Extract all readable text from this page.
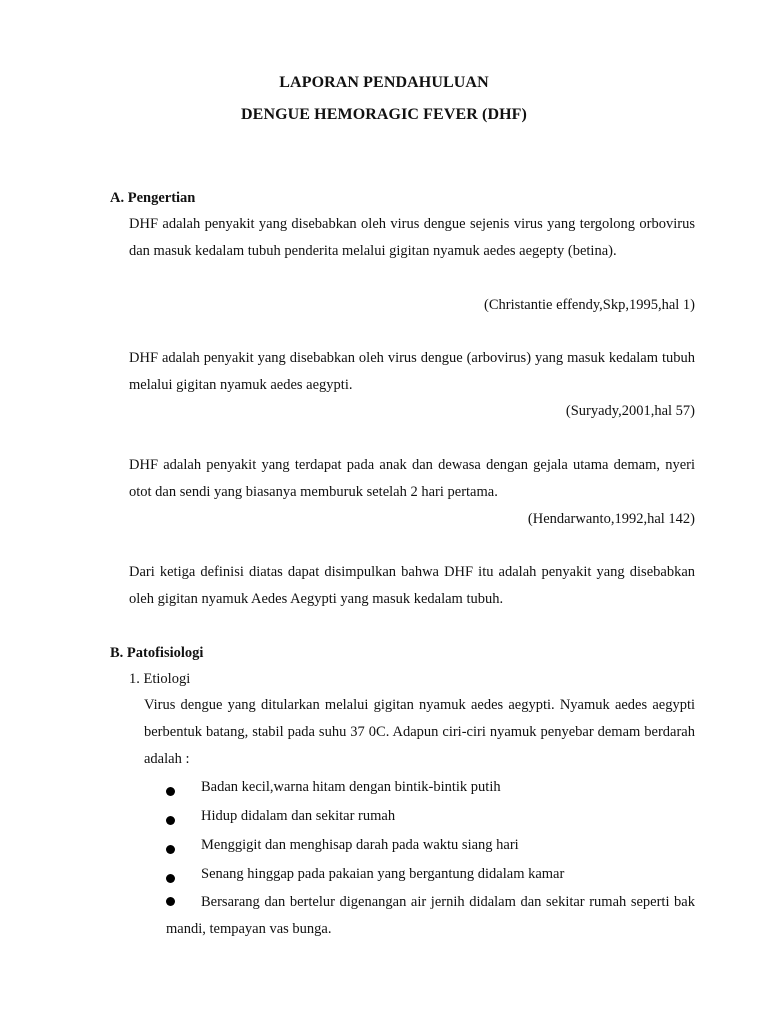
LAPORAN PENDAHULUAN
DENGUE HEMORAGIC FEVER (DHF)
A. Pengertian
DHF adalah penyakit yang disebabkan oleh virus dengue sejenis virus yang tergolong orbovirus dan masuk kedalam tubuh penderita melalui gigitan nyamuk aedes aegepty (betina).
(Christantie effendy,Skp,1995,hal 1)
DHF adalah penyakit yang disebabkan oleh virus dengue (arbovirus) yang masuk kedalam tubuh melalui gigitan nyamuk aedes aegypti.
(Suryady,2001,hal 57)
DHF adalah penyakit yang terdapat pada anak dan dewasa dengan gejala utama demam, nyeri otot dan sendi yang biasanya memburuk setelah 2 hari pertama.
(Hendarwanto,1992,hal 142)
Dari ketiga definisi diatas dapat disimpulkan bahwa DHF itu adalah penyakit yang disebabkan oleh gigitan nyamuk Aedes Aegypti yang masuk kedalam tubuh.
B. Patofisiologi
1. Etiologi
Virus dengue yang ditularkan melalui gigitan nyamuk aedes aegypti. Nyamuk aedes aegypti berbentuk batang, stabil pada suhu 37 0C. Adapun ciri-ciri nyamuk penyebar demam berdarah adalah :
Badan kecil,warna hitam dengan bintik-bintik putih
Hidup didalam dan sekitar rumah
Menggigit dan menghisap darah pada waktu siang hari
Senang hinggap pada pakaian yang bergantung didalam kamar
Bersarang dan bertelur digenangan air jernih didalam dan sekitar rumah seperti bak mandi, tempayan vas bunga.
